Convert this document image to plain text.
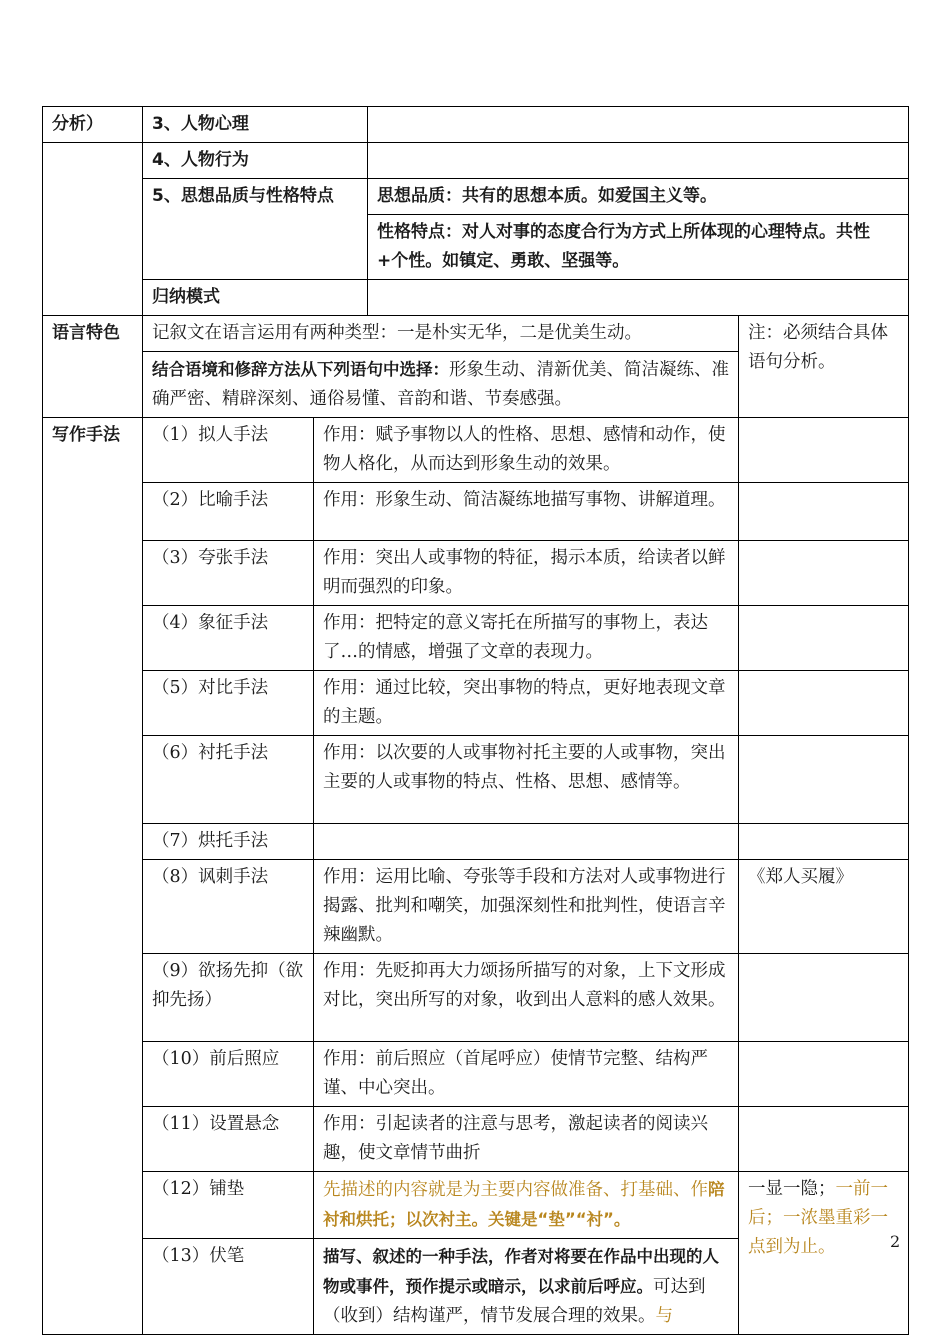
分析）	3、人物心理			
	4、人物行为			
	5、思想品质与性格特点		思想品质：共有的思想本质。如爱国主义等。	
			性格特点：对人对事的态度合行为方式上所体现的心理特点。共性+个性。如镇定、勇敢、坚强等。	
	归纳模式			
语言特色	记叙文在语言运用有两种类型：一是朴实无华，二是优美生动。			注：必须结合具体语句分析。
	结合语境和修辞方法从下列语句中选择：形象生动、清新优美、简洁凝练、准确严密、精辟深刻、通俗易懂、音韵和谐、节奏感强。			
写作手法	（1）拟人手法	作用：赋予事物以人的性格、思想、感情和动作，使物人格化，从而达到形象生动的效果。		
	（2）比喻手法	作用：形象生动、简洁凝练地描写事物、讲解道理。		
	（3）夸张手法	作用：突出人或事物的特征，揭示本质，给读者以鲜明而强烈的印象。		
	（4）象征手法	作用：把特定的意义寄托在所描写的事物上，表达了…的情感，增强了文章的表现力。		
	（5）对比手法	作用：通过比较，突出事物的特点，更好地表现文章的主题。		
	（6）衬托手法	作用：以次要的人或事物衬托主要的人或事物，突出主要的人或事物的特点、性格、思想、感情等。		
	（7）烘托手法			
	（8）讽刺手法	作用：运用比喻、夸张等手段和方法对人或事物进行揭露、批判和嘲笑，加强深刻性和批判性，使语言辛辣幽默。		《郑人买履》
	（9）欲扬先抑（欲抑先扬）	作用：先贬抑再大力颂扬所描写的对象，上下文形成对比，突出所写的对象，收到出人意料的感人效果。		
	（10）前后照应	作用：前后照应（首尾呼应）使情节完整、结构严谨、中心突出。		
	（11）设置悬念	作用：引起读者的注意与思考，激起读者的阅读兴趣，使文章情节曲折		
	（12）铺垫	先描述的内容就是为主要内容做准备、打基础、作陪衬和烘托；以次衬主。关键是“垫”“衬”。		一显一隐；一前一后；一浓墨重彩一点到为止。
	（13）伏笔	描写、叙述的一种手法，作者对将要在作品中出现的人物或事件，预作提示或暗示，以求前后呼应。可达到（收到）结构谨严，情节发展合理的效果。与		
2
